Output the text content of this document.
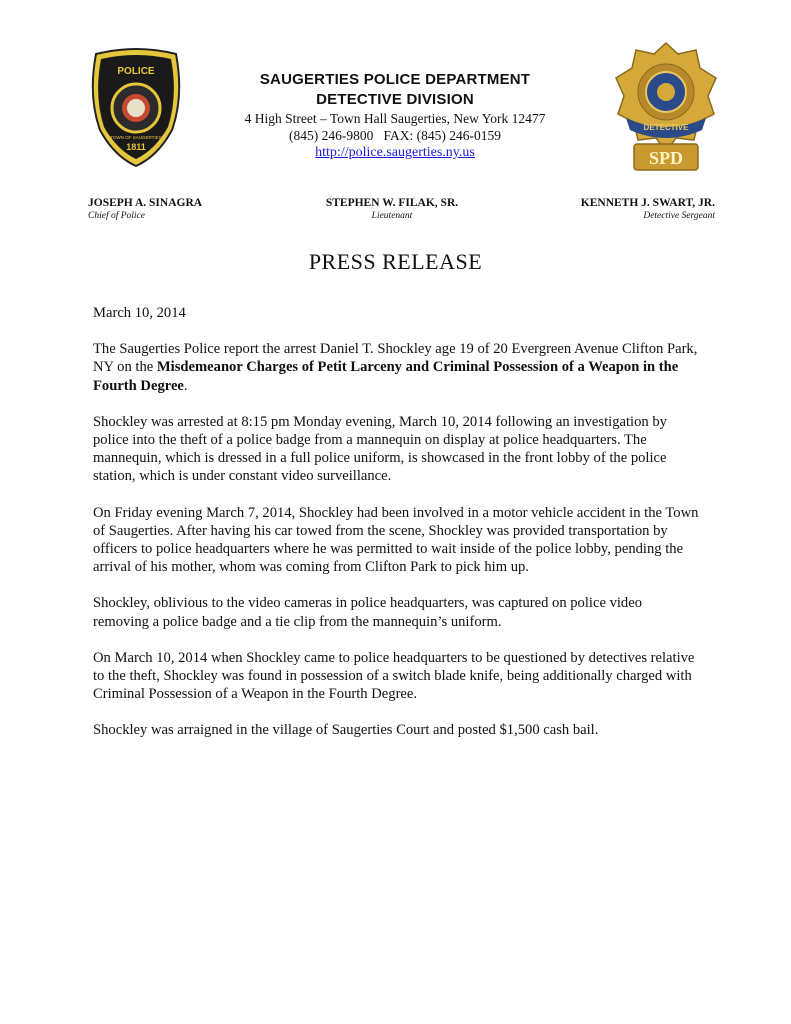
POLICE
TOWN OF SAUGERTIES
1811
SAUGERTIES POLICE DEPARTMENT
DETECTIVE DIVISION
4 High Street – Town Hall Saugerties, New York 12477
(845) 246-9800   FAX: (845) 246-0159
http://police.saugerties.ny.us
DETECTIVE
SPD
JOSEPH A. SINAGRA
Chief of Police
STEPHEN W. FILAK, SR.
Lieutenant
KENNETH J. SWART, JR.
Detective Sergeant
PRESS RELEASE

March 10, 2014

The Saugerties Police report the arrest Daniel T. Shockley age 19 of 20 Evergreen Avenue Clifton Park, NY on the Misdemeanor Charges of Petit Larceny and Criminal Possession of a Weapon in the Fourth Degree.

Shockley was arrested at 8:15 pm Monday evening, March 10, 2014 following an investigation by police into the theft of a police badge from a mannequin on display at police headquarters. The mannequin, which is dressed in a full police uniform, is showcased in the front lobby of the police station, which is under constant video surveillance.

On Friday evening March 7, 2014, Shockley had been involved in a motor vehicle accident in the Town of Saugerties. After having his car towed from the scene, Shockley was provided transportation by officers to police headquarters where he was permitted to wait inside of the police lobby, pending the arrival of his mother, whom was coming from Clifton Park to pick him up.

Shockley, oblivious to the video cameras in police headquarters, was captured on police video removing a police badge and a tie clip from the mannequin’s uniform.

On March 10, 2014 when Shockley came to police headquarters to be questioned by detectives relative to the theft, Shockley was found in possession of a switch blade knife, being additionally charged with Criminal Possession of a Weapon in the Fourth Degree.

Shockley was arraigned in the village of Saugerties Court and posted $1,500 cash bail.
